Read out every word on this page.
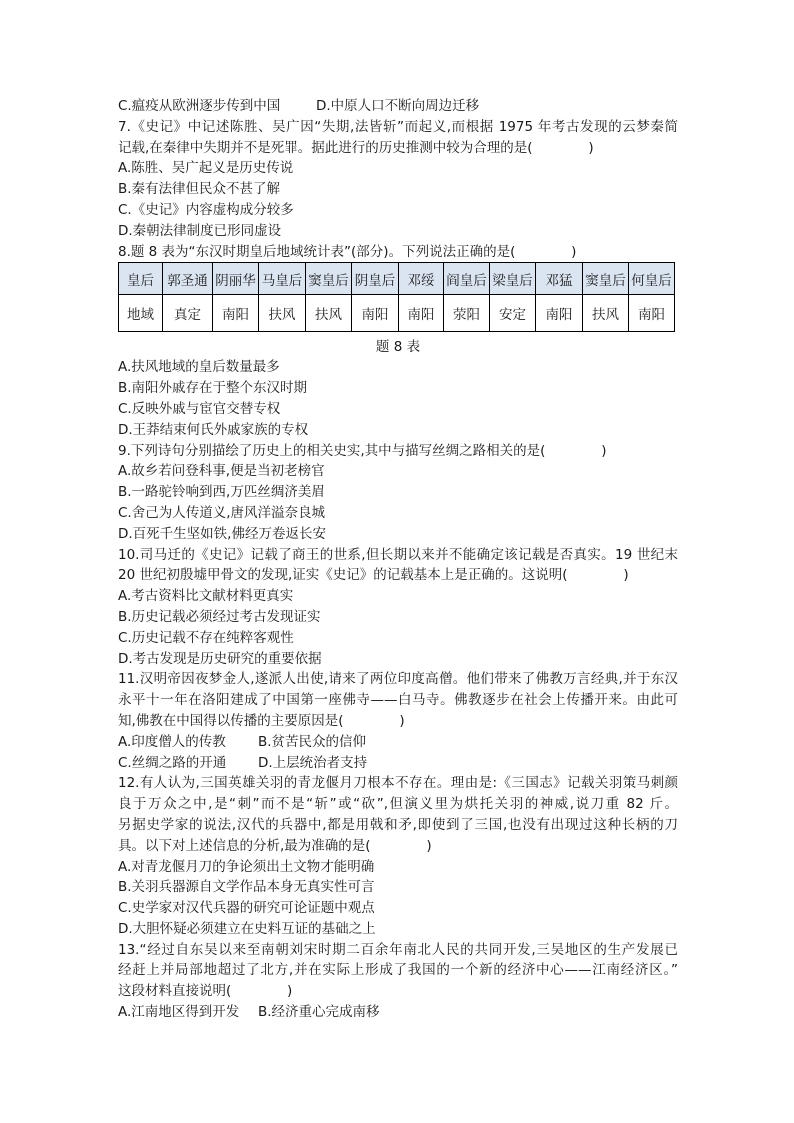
C.瘟疫从欧洲逐步传到中国	D.中原人口不断向周边迁移
7.《史记》中记述陈胜、吴广因“失期,法皆斩”而起义,而根据 1975 年考古发现的云梦秦简
记载,在秦律中失期并不是死罪。据此进行的历史推测中较为合理的是(             )
A.陈胜、吴广起义是历史传说
B.秦有法律但民众不甚了解
C.《史记》内容虚构成分较多
D.秦朝法律制度已形同虚设
8.题 8 表为“东汉时期皇后地域统计表”(部分)。下列说法正确的是(             )
皇后	郭圣通	阴丽华	马皇后	窦皇后	阴皇后	邓绥	阎皇后	梁皇后	邓猛	窦皇后	何皇后
地域	真定	南阳	扶风	扶风	南阳	南阳	荥阳	安定	南阳	扶风	南阳
题 8 表
A.扶风地域的皇后数量最多
B.南阳外戚存在于整个东汉时期
C.反映外戚与宦官交替专权
D.王莽结束何氏外戚家族的专权
9.下列诗句分别描绘了历史上的相关史实,其中与描写丝绸之路相关的是(             )
A.故乡若问登科事,便是当初老榜官
B.一路驼铃响到西,万匹丝绸济美眉
C.舍己为人传道义,唐风洋溢奈良城
D.百死千生坚如铁,佛经万卷返长安
10.司马迁的《史记》记载了商王的世系,但长期以来并不能确定该记载是否真实。19 世纪末
20 世纪初殷墟甲骨文的发现,证实《史记》的记载基本上是正确的。这说明(             )
A.考古资料比文献材料更真实
B.历史记载必须经过考古发现证实
C.历史记载不存在纯粹客观性
D.考古发现是历史研究的重要依据
11.汉明帝因夜梦金人,遂派人出使,请来了两位印度高僧。他们带来了佛教万言经典,并于东汉
永平十一年在洛阳建成了中国第一座佛寺——白马寺。佛教逐步在社会上传播开来。由此可
知,佛教在中国得以传播的主要原因是(             )
A.印度僧人的传教 B.贫苦民众的信仰
C.丝绸之路的开通 D.上层统治者支持
12.有人认为,三国英雄关羽的青龙偃月刀根本不存在。理由是:《三国志》记载关羽策马刺颜
良于万众之中,是“刺”而不是“斩”或“砍”,但演义里为烘托关羽的神威,说刀重 82 斤。
另据史学家的说法,汉代的兵器中,都是用戟和矛,即使到了三国,也没有出现过这种长柄的刀
具。以下对上述信息的分析,最为准确的是(             )
A.对青龙偃月刀的争论须出土文物才能明确
B.关羽兵器源自文学作品本身无真实性可言
C.史学家对汉代兵器的研究可论证题中观点
D.大胆怀疑必须建立在史料互证的基础之上
13.“经过自东吴以来至南朝刘宋时期二百余年南北人民的共同开发,三吴地区的生产发展已
经赶上并局部地超过了北方,并在实际上形成了我国的一个新的经济中心——江南经济区。”
这段材料直接说明(             )
A.江南地区得到开发 B.经济重心完成南移
